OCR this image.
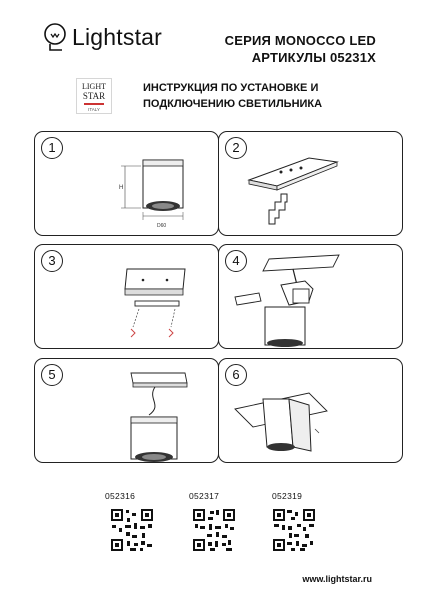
Lightstar	СЕРИЯ MONOCCO LED
АРТИКУЛЫ 05231X
LIGHT
STAR
ITALY
ИНСТРУКЦИЯ ПО УСТАНОВКЕ И
ПОДКЛЮЧЕНИЮ СВЕТИЛЬНИКА
1
H
D60
2
3	4
5	6
052316	052317	052319
www.lightstar.ru
